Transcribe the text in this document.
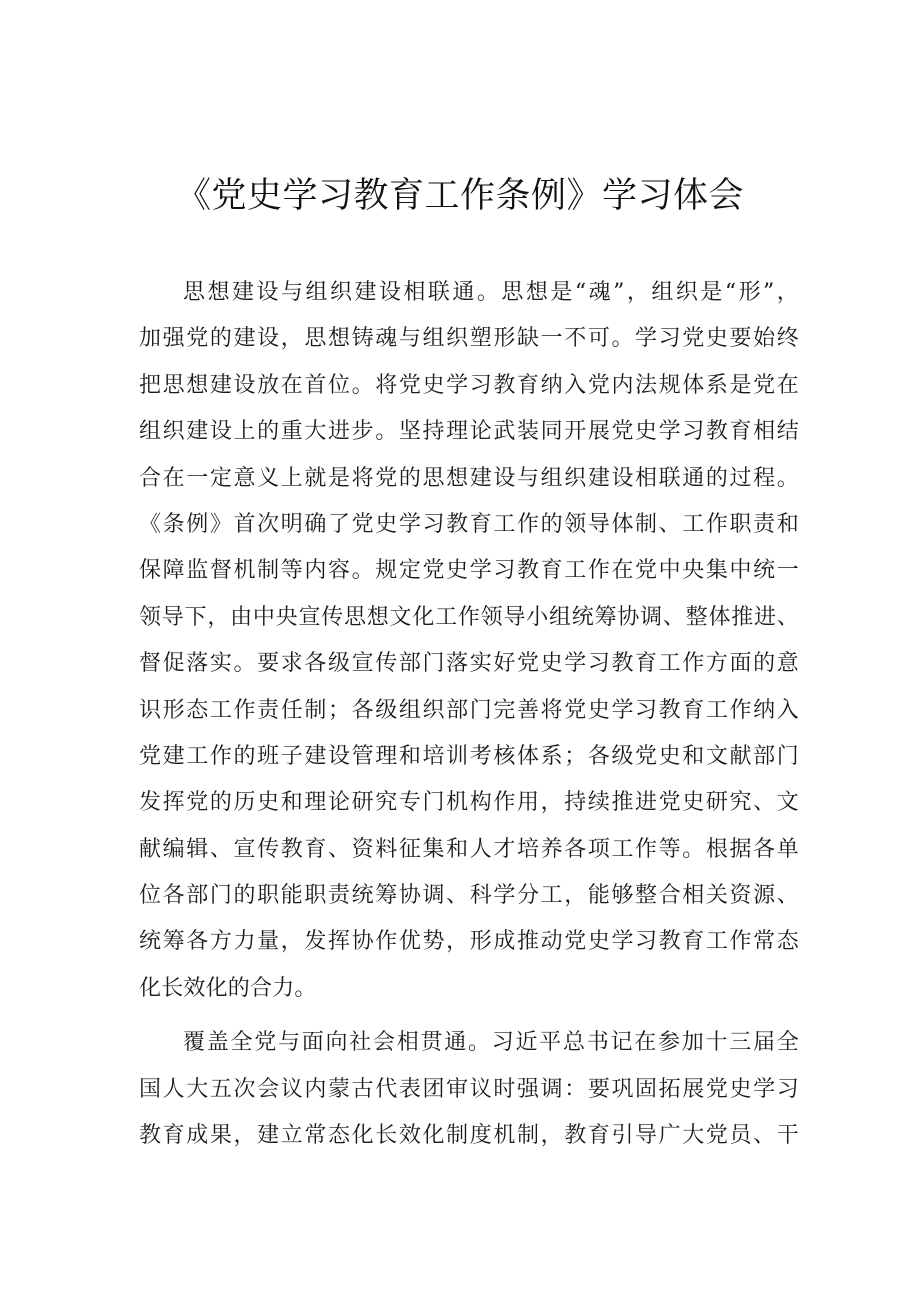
《党史学习教育工作条例》学习体会
思想建设与组织建设相联通。思想是“魂”，组织是“形”，
加强党的建设，思想铸魂与组织塑形缺一不可。学习党史要始终
把思想建设放在首位。将党史学习教育纳入党内法规体系是党在
组织建设上的重大进步。坚持理论武装同开展党史学习教育相结
合在一定意义上就是将党的思想建设与组织建设相联通的过程。
《条例》首次明确了党史学习教育工作的领导体制、工作职责和
保障监督机制等内容。规定党史学习教育工作在党中央集中统一
领导下，由中央宣传思想文化工作领导小组统筹协调、整体推进、
督促落实。要求各级宣传部门落实好党史学习教育工作方面的意
识形态工作责任制；各级组织部门完善将党史学习教育工作纳入
党建工作的班子建设管理和培训考核体系；各级党史和文献部门
发挥党的历史和理论研究专门机构作用，持续推进党史研究、文
献编辑、宣传教育、资料征集和人才培养各项工作等。根据各单
位各部门的职能职责统筹协调、科学分工，能够整合相关资源、
统筹各方力量，发挥协作优势，形成推动党史学习教育工作常态
化长效化的合力。
覆盖全党与面向社会相贯通。习近平总书记在参加十三届全
国人大五次会议内蒙古代表团审议时强调：要巩固拓展党史学习
教育成果，建立常态化长效化制度机制，教育引导广大党员、干
